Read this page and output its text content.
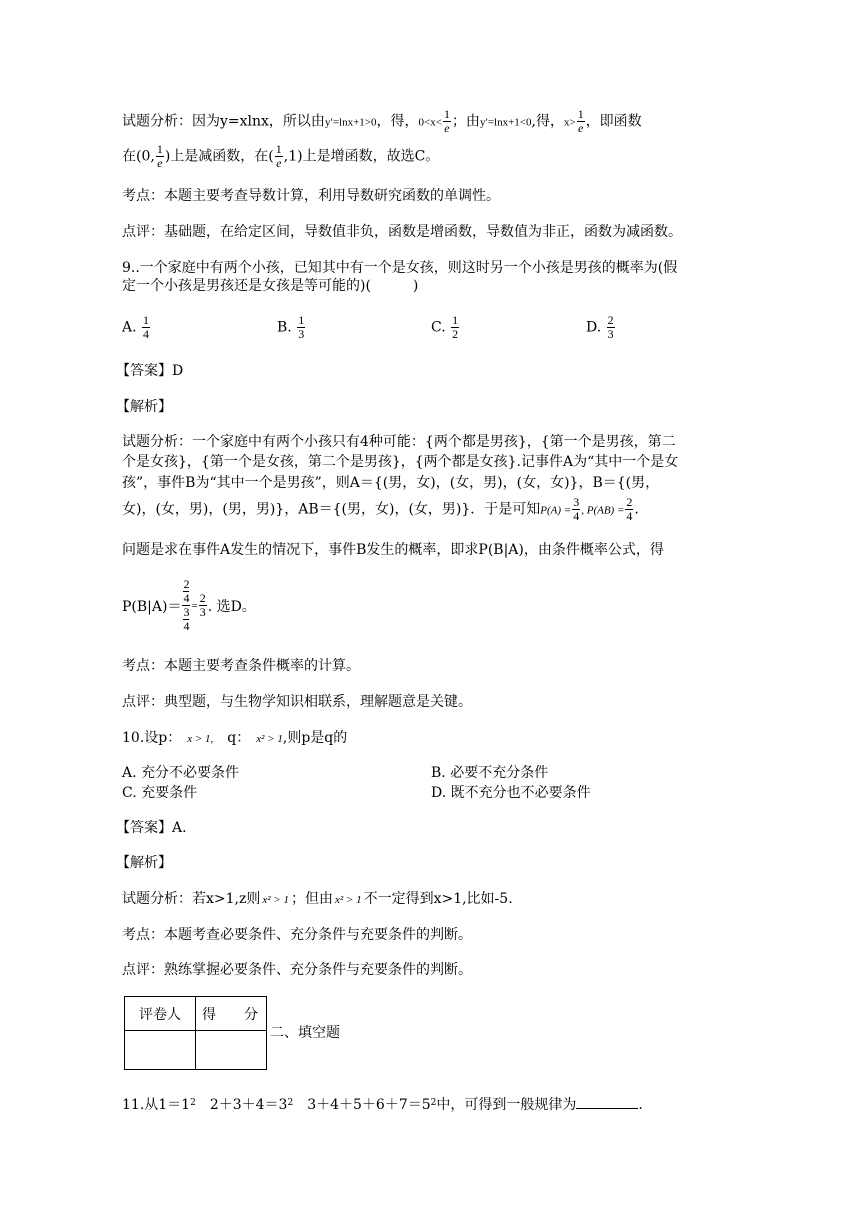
试题分析：因为y=xlnx，所以由y′=lnx+1>0，得，$0<x< \frac{1}{e}$ ；由y′=lnx+1<0,得，$x> \frac{1}{e}$ ，即函数
在(0, $\frac{1}{e}$ )上是减函数，在( $\frac{1}{e} ,1$)上是增函数，故选C。
考点：本题主要考查导数计算，利用导数研究函数的单调性。
点评：基础题，在给定区间，导数值非负，函数是增函数，导数值为非正，函数为减函数。
9..一个家庭中有两个小孩，已知其中有一个是女孩，则这时另一个小孩是男孩的概率为(假
定一个小孩是男孩还是女孩是等可能的)(　　　)
A. $\frac{1}{4}$	B. $\frac{1}{3}$	C. $\frac{1}{2}$	D. $\frac{2}{3}$
【答案】D
【解析】
试题分析：一个家庭中有两个小孩只有4种可能：{两个都是男孩}，{第一个是男孩，第二
个是女孩}，{第一个是女孩，第二个是男孩}，{两个都是女孩}.记事件A为“其中一个是女
孩”，事件B为“其中一个是男孩”，则A＝{(男，女)，(女，男)，(女，女)}，B＝{(男，
女)，(女，男)，(男，男)}，AB＝{(男，女)，(女，男)}．于是可知$P(A) = \frac{3}{4}$ , $P(AB) = \frac{2}{4}$ .
问题是求在事件A发生的情况下，事件B发生的概率，即求P(B|A)，由条件概率公式，得
$P(B|A)= \frac{\frac{2}{4}}{\frac{3}{4}} = \frac{2}{3}$ . 选D。
考点：本题主要考查条件概率的计算。
点评：典型题，与生物学知识相联系，理解题意是关键。
10.设p： x > 1, q： x² > 1,则p是q的
A. 充分不必要条件	B. 必要不充分条件
C. 充要条件	D. 既不充分也不必要条件
【答案】A.
【解析】
试题分析：若x>1,z则 x² > 1 ；但由 x² > 1 不一定得到x>1,比如-5.
考点：本题考查必要条件、充分条件与充要条件的判断。
点评：熟练掌握必要条件、充分条件与充要条件的判断。
评卷人	得　　分

二、填空题
11.从$1=1^2$　$2+3+4=3^2$　$3+4+5+6+7=5^2$中，可得到一般规律为	.
